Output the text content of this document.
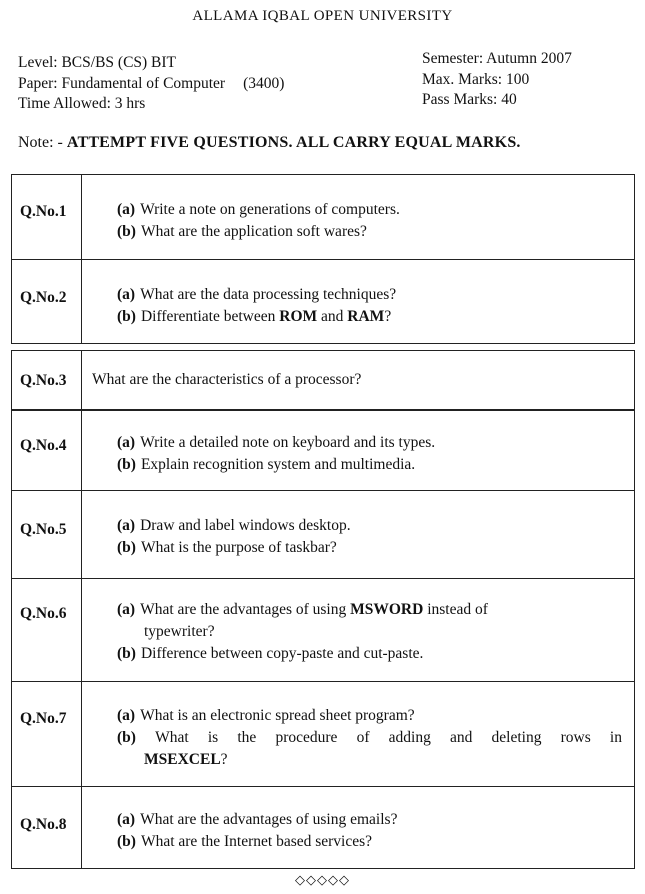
ALLAMA IQBAL OPEN UNIVERSITY
Level: BCS/BS (CS) BIT
Paper: Fundamental of Computer (3400)
Time Allowed: 3 hrs
Semester: Autumn 2007
Max. Marks: 100
Pass Marks: 40
Note: - ATTEMPT FIVE QUESTIONS. ALL CARRY EQUAL MARKS.
Q.No.1	(a) Write a note on generations of computers.
(b) What are the application soft wares?
Q.No.2	(a) What are the data processing techniques?
(b) Differentiate between ROM and RAM?
Q.No.3 What are the characteristics of a processor?
Q.No.4	(a) Write a detailed note on keyboard and its types.
(b) Explain recognition system and multimedia.
Q.No.5	(a) Draw and label windows desktop.
(b) What is the purpose of taskbar?
Q.No.6	(a) What are the advantages of using MSWORD instead of
typewriter?
(b) Difference between copy-paste and cut-paste.
Q.No.7	(a) What is an electronic spread sheet program?
(b) What is the procedure of adding and deleting rows in
MSEXCEL?
Q.No.8	(a) What are the advantages of using emails?
(b) What are the Internet based services?
◇◇◇◇◇
